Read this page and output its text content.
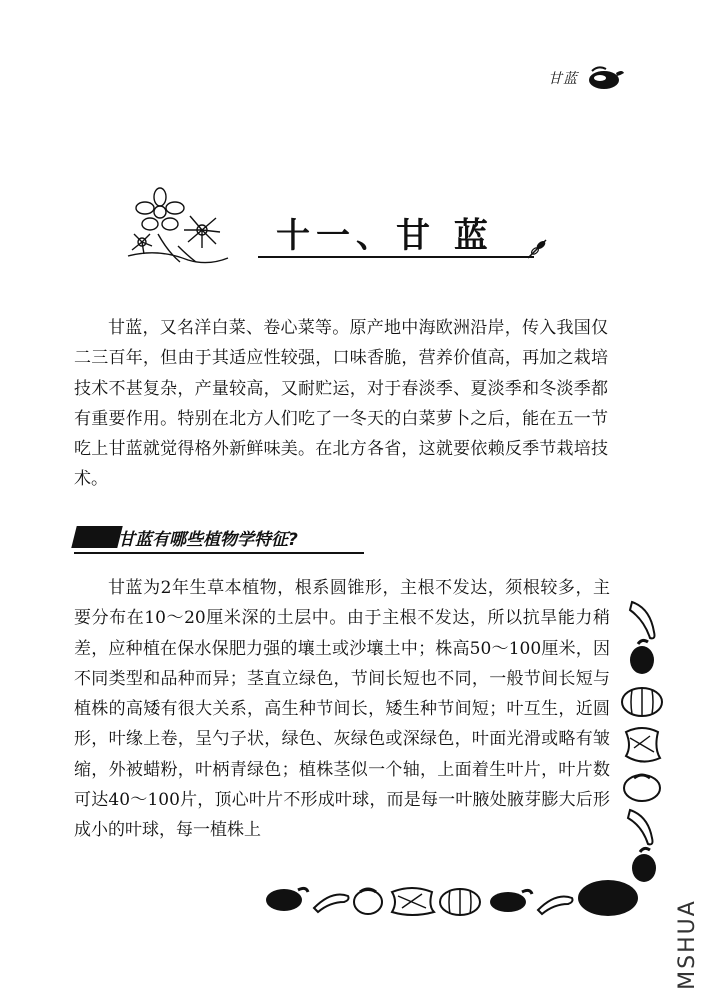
甘蓝
十一、甘 蓝

甘蓝，又名洋白菜、卷心菜等。原产地中海欧洲沿岸，传入我国仅二三百年，但由于其适应性较强，口味香脆，营养价值高，再加之栽培技术不甚复杂，产量较高，又耐贮运，对于春淡季、夏淡季和冬淡季都有重要作用。特别在北方人们吃了一冬天的白菜萝卜之后，能在五一节吃上甘蓝就觉得格外新鲜味美。在北方各省，这就要依赖反季节栽培技术。

甘蓝有哪些植物学特征?

甘蓝为2年生草本植物，根系圆锥形，主根不发达，须根较多，主要分布在10～20厘米深的土层中。由于主根不发达，所以抗旱能力稍差，应种植在保水保肥力强的壤土或沙壤土中；株高50～100厘米，因不同类型和品种而异；茎直立绿色，节间长短也不同，一般节间长短与植株的高矮有很大关系，高生种节间长，矮生种节间短；叶互生，近圆形，叶缘上卷，呈勺子状，绿色、灰绿色或深绿色，叶面光滑或略有皱缩，外被蜡粉，叶柄青绿色；植株茎似一个轴，上面着生叶片，叶片数可达40～100片，顶心叶片不形成叶球，而是每一叶腋处腋芽膨大后形成小的叶球，每一植株上

MSHUA
